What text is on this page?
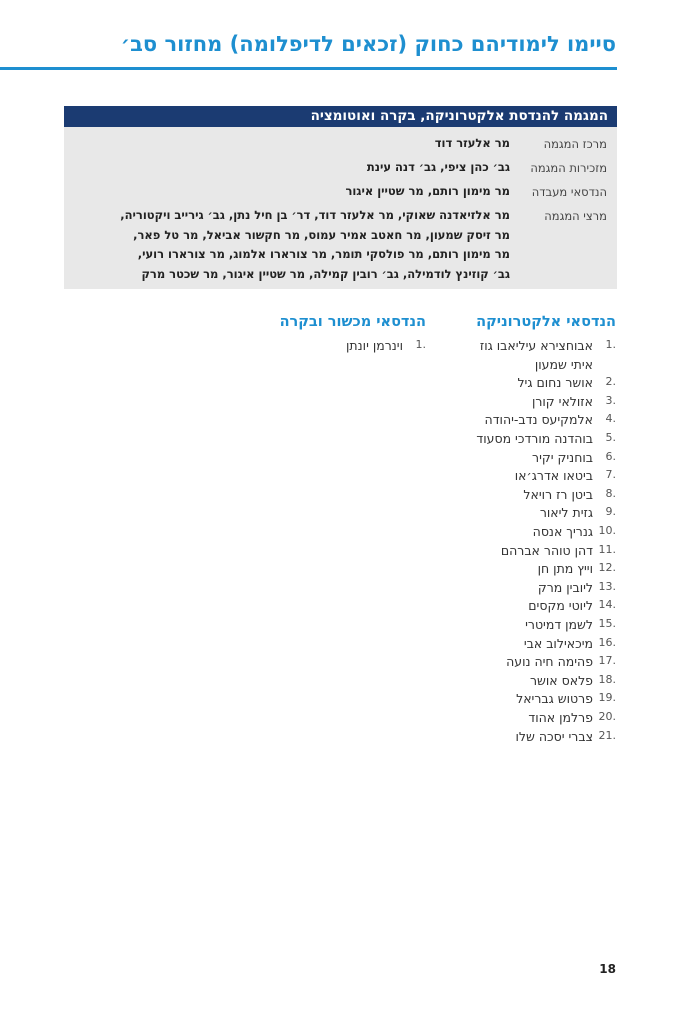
סיימו לימודיהם כחוק (זכאים לדיפלומה) מחזור סב׳
המגמה להנדסת אלקטרוניקה, בקרה ואוטומציה
מרכז המגמה
מר אלעזר דוד
מזכירות המגמה
גב׳ כהן ציפי, גב׳ דנה עינת
הנדסאי מעבדה
מר מימון רותם, מר שטיין איגור
מרצי המגמה
מר אלזיאדנה שאוקי, מר אלעזר דוד, דר׳ בן חיל נתן, גב׳ גירייב ויקטוריה,
מר זיסק שמעון, מר חאטב אמיר עמוס, מר חקשור אביאל, מר טל פאר,
מר מימון רותם, מר פולסקי תומר, מר צורארו אלמוג, מר צורארו רועי,
גב׳ קוזינץ לודמילה, גב׳ רובין קמילה, מר שטיין איגור, מר שכטר מרק
הנדסאי אלקטרוניקה
1.
אבוחצירא עיליאבו גוז
איתי שמעון
2.
אושר נחום גיל
3.
אזולאי קורן
4.
אלמקיעס נדב-יהודה
5.
בוהדנה מורדכי מסעוד
6.
בוחניק יקיר
7.
ביטאו אדרג׳או
8.
ביטן רז רויאל
9.
גזית ליאור
10.
גנריך אנסה
11.
דהן טוהר אברהם
12.
וייץ מתן חן
13.
ליובין מרק
14.
ליוטי מקסים
15.
לשמן דמיטרי
16.
מיכאילוב אבי
17.
פהימה חיה נועה
18.
פלאס אושר
19.
פרטוש גבריאל
20.
פרלמן אהוד
21.
צברי יסכה שלו
הנדסאי מכשור ובקרה
1.
וינרמן יונתן
18
